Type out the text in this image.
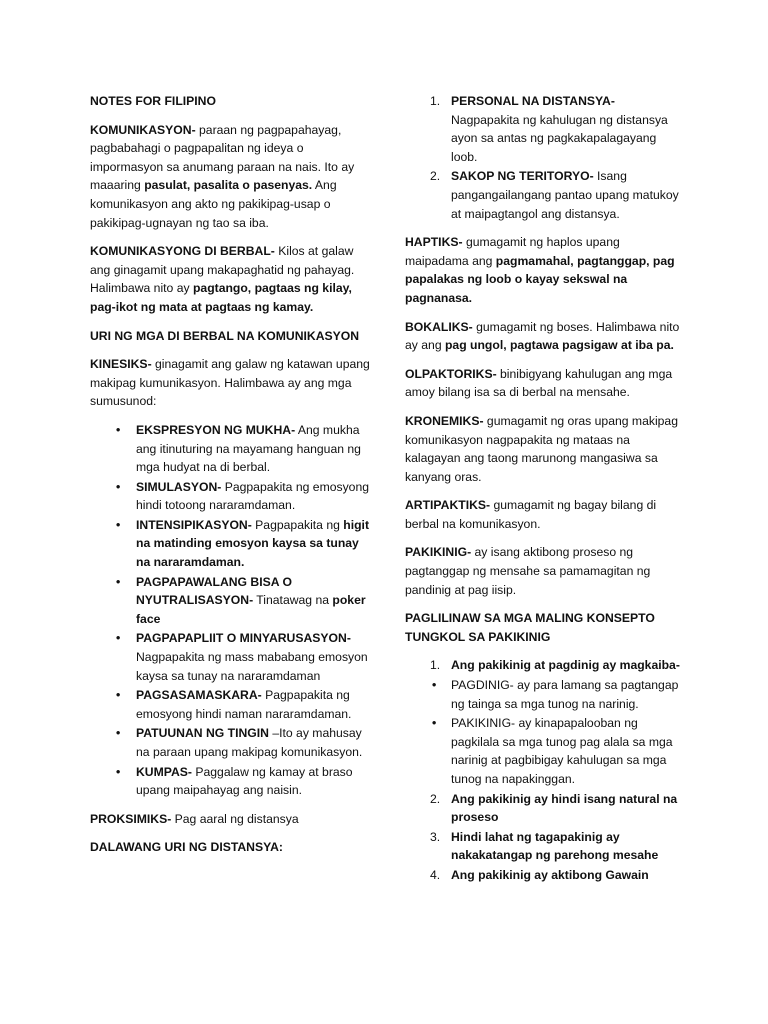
NOTES FOR FILIPINO

KOMUNIKASYON- paraan ng pagpapahayag, pagbabahagi o pagpapalitan ng ideya o impormasyon sa anumang paraan na nais. Ito ay maaaring pasulat, pasalita o pasenyas. Ang komunikasyon ang akto ng pakikipag-usap o pakikipag-ugnayan ng tao sa iba.

KOMUNIKASYONG DI BERBAL- Kilos at galaw ang ginagamit upang makapaghatid ng pahayag. Halimbawa nito ay pagtango, pagtaas ng kilay, pag-ikot ng mata at pagtaas ng kamay.

URI NG MGA DI BERBAL NA KOMUNIKASYON

KINESIKS- ginagamit ang galaw ng katawan upang makipag kumunikasyon. Halimbawa ay ang mga sumusunod:

• EKSPRESYON NG MUKHA- Ang mukha ang itinuturing na mayamang hanguan ng mga hudyat na di berbal.
• SIMULASYON- Pagpapakita ng emosyong hindi totoong nararamdaman.
• INTENSIPIKASYON- Pagpapakita ng higit na matinding emosyon kaysa sa tunay na nararamdaman.
• PAGPAPAWALANG BISA O NYUTRALISASYON- Tinatawag na poker face
• PAGPAPAPLIIT O MINYARUSASYON- Nagpapakita ng mass mababang emosyon kaysa sa tunay na nararamdaman
• PAGSASAMASKARA- Pagpapakita ng emosyong hindi naman nararamdaman.
• PATUUNAN NG TINGIN –Ito ay mahusay na paraan upang makipag komunikasyon.
• KUMPAS- Paggalaw ng kamay at braso upang maipahayag ang naisin.

PROKSIMIKS- Pag aaral ng distansya

DALAWANG URI NG DISTANSYA:

1. PERSONAL NA DISTANSYA- Nagpapakita ng kahulugan ng distansya ayon sa antas ng pagkakapalagayang loob.
2. SAKOP NG TERITORYO- Isang pangangailangang pantao upang matukoy at maipagtangol ang distansya.

HAPTIKS- gumagamit ng haplos upang maipadama ang pagmamahal, pagtanggap, pag papalakas ng loob o kayay sekswal na pagnanasa.

BOKALIKS- gumagamit ng boses. Halimbawa nito ay ang pag ungol, pagtawa pagsigaw at iba pa.

OLPAKTORIKS- binibigyang kahulugan ang mga amoy bilang isa sa di berbal na mensahe.

KRONEMIKS- gumagamit ng oras upang makipag komunikasyon nagpapakita ng mataas na kalagayan ang taong marunong mangasiwa sa kanyang oras.

ARTIPAKTIKS- gumagamit ng bagay bilang di berbal na komunikasyon.

PAKIKINIG- ay isang aktibong proseso ng pagtanggap ng mensahe sa pamamagitan ng pandinig at pag iisip.

PAGLILINAW SA MGA MALING KONSEPTO TUNGKOL SA PAKIKINIG

1. Ang pakikinig at pagdinig ay magkaiba-
• PAGDINIG- ay para lamang sa pagtangap ng tainga sa mga tunog na narinig.
• PAKIKINIG- ay kinapapalooban ng pagkilala sa mga tunog pag alala sa mga narinig at pagbibigay kahulugan sa mga tunog na napakinggan.
2. Ang pakikinig ay hindi isang natural na proseso
3. Hindi lahat ng tagapakinig ay nakakatangap ng parehong mesahe
4. Ang pakikinig ay aktibong Gawain
